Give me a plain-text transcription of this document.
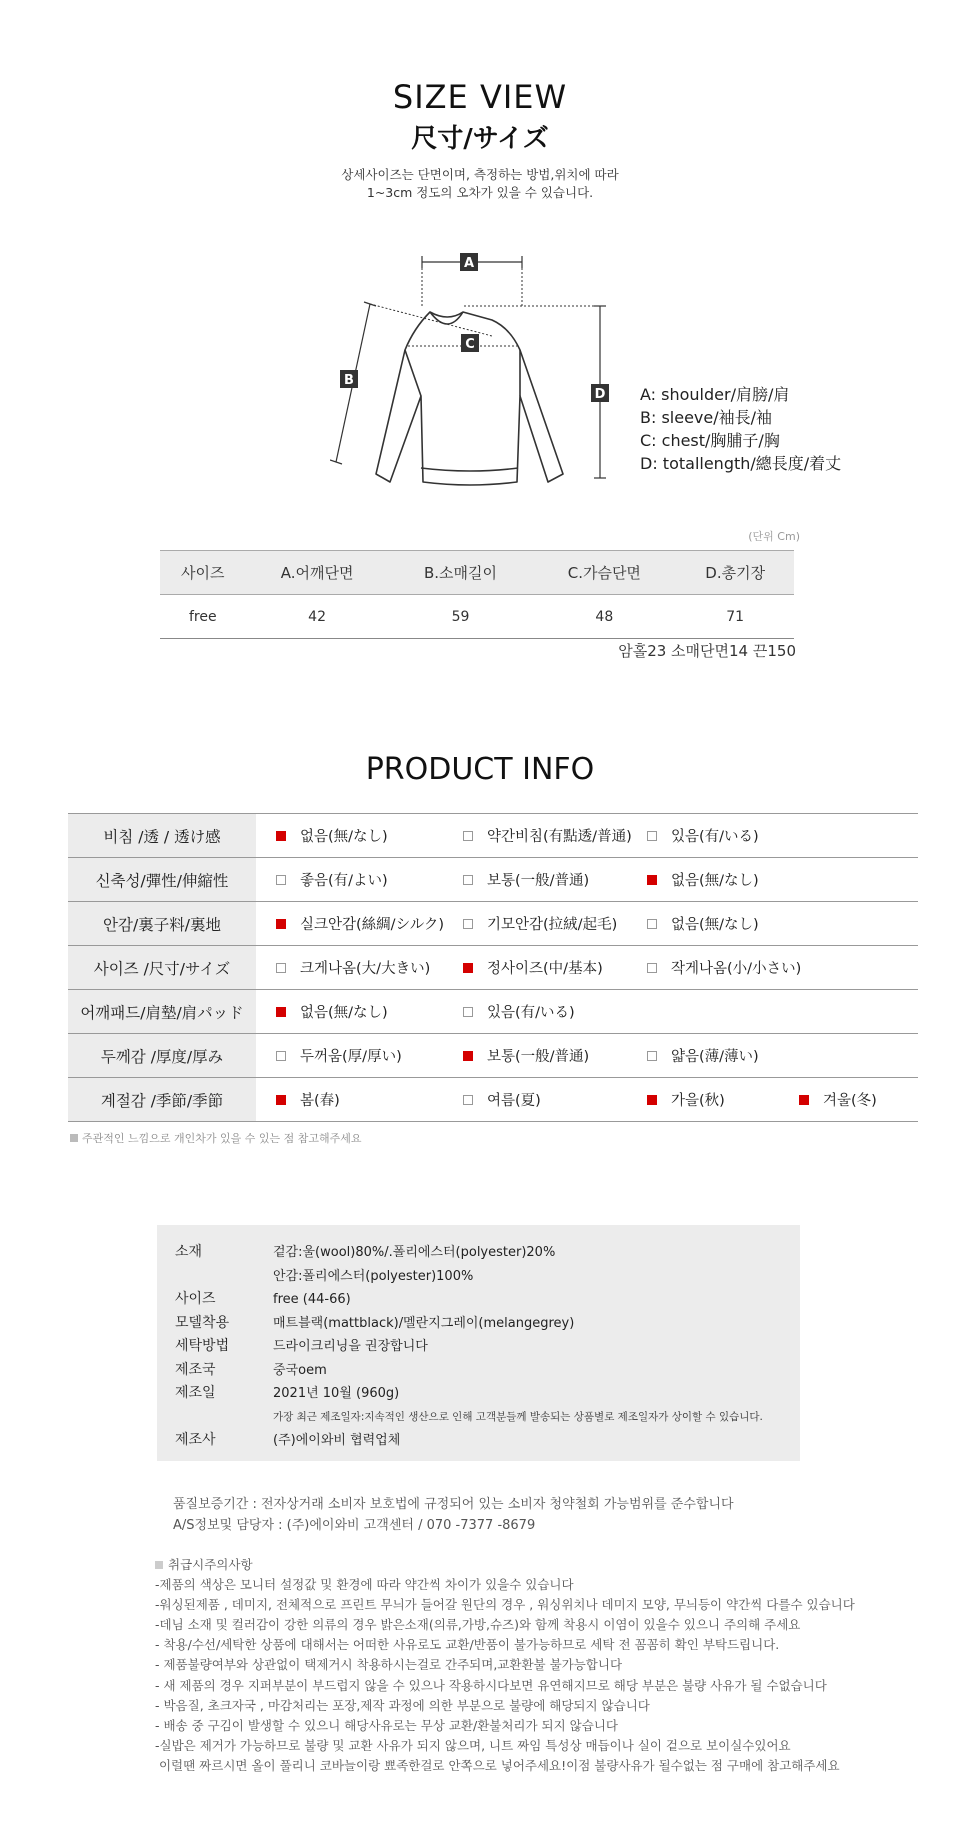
SIZE VIEW
尺寸/サイズ
상세사이즈는 단면이며, 측정하는 방법,위치에 따라
1~3cm 정도의 오차가 있을 수 있습니다.
A
B
C
D A: shoulder/肩膀/肩
B: sleeve/袖長/袖
C: chest/胸脯子/胸
D: totallength/總長度/着丈
(단위 Cm)
사이즈	A.어깨단면	B.소매길이	C.가슴단면	D.총기장
free	42	59	48	71
암홀23 소매단면14 끈150
PRODUCT INFO
비침 /透 / 透け感	없음(無/なし)	약간비침(有點透/普通)	있음(有/いる)
신축성/彈性/伸縮性	좋음(有/よい)	보통(一般/普通)	없음(無/なし)
안감/裏子料/裏地	실크안감(絲綢/シルク)	기모안감(拉絨/起毛)	없음(無/なし)
사이즈 /尺寸/サイズ	크게나옴(大/大きい)	정사이즈(中/基本)	작게나옴(小/小さい)
어깨패드/肩墊/肩パッド	없음(無/なし)	있음(有/いる)
두께감 /厚度/厚み	두꺼움(厚/厚い)	보통(一般/普通)	얇음(薄/薄い)
계절감 /季節/季節	봄(春)	여름(夏)	가을(秋)	겨울(冬)
주관적인 느낌으로 개인차가 있을 수 있는 점 참고해주세요
소재	겉감:울(wool)80%/.폴리에스터(polyester)20%
안감:폴리에스터(polyester)100%
사이즈	free (44-66)
모델착용	매트블랙(mattblack)/멜란지그레이(melangegrey)
세탁방법	드라이크리닝을 권장합니다
제조국	중국oem
제조일	2021년 10월 (960g)
가장 최근 제조일자:지속적인 생산으로 인해 고객분들께 발송되는 상품별로 제조일자가 상이할 수 있습니다.
제조사	(주)에이와비 협력업체
품질보증기간 : 전자상거래 소비자 보호법에 규정되어 있는 소비자 청약철회 가능범위를 준수합니다
A/S정보및 담당자 : (주)에이와비 고객센터 / 070 -7377 -8679
취급시주의사항
-제품의 색상은 모니터 설정값 및 환경에 따라 약간씩 차이가 있을수 있습니다
-워싱된제품 , 데미지, 전체적으로 프린트 무늬가 들어갈 원단의 경우 , 워싱위치나 데미지 모양, 무늬등이 약간씩 다를수 있습니다
-데님 소재 및 컬러감이 강한 의류의 경우 밝은소재(의류,가방,슈즈)와 함께 착용시 이염이 있을수 있으니 주의해 주세요
- 착용/수선/세탁한 상품에 대해서는 어떠한 사유로도 교환/반품이 불가능하므로 세탁 전 꼼꼼히 확인 부탁드립니다.
- 제품불량여부와 상관없이 택제거시 착용하시는걸로 간주되며,교환환불 불가능합니다
- 새 제품의 경우 지퍼부분이 부드럽지 않을 수 있으나 작용하시다보면 유연해지므로 해당 부분은 불량 사유가 될 수없습니다
- 박음질, 초크자국 , 마감처리는 포장,제작 과정에 의한 부분으로 불량에 해당되지 않습니다
- 배송 중 구김이 발생할 수 있으니 해당사유로는 무상 교환/환불처리가 되지 않습니다
-실밥은 제거가 가능하므로 불량 및 교환 사유가 되지 않으며, 니트 짜임 특성상 매듭이나 실이 겉으로 보이실수있어요
이럴땐 짜르시면 올이 풀리니 코바늘이랑 뾰족한걸로 안쪽으로 넣어주세요!이점 불량사유가 될수없는 점 구매에 참고해주세요
